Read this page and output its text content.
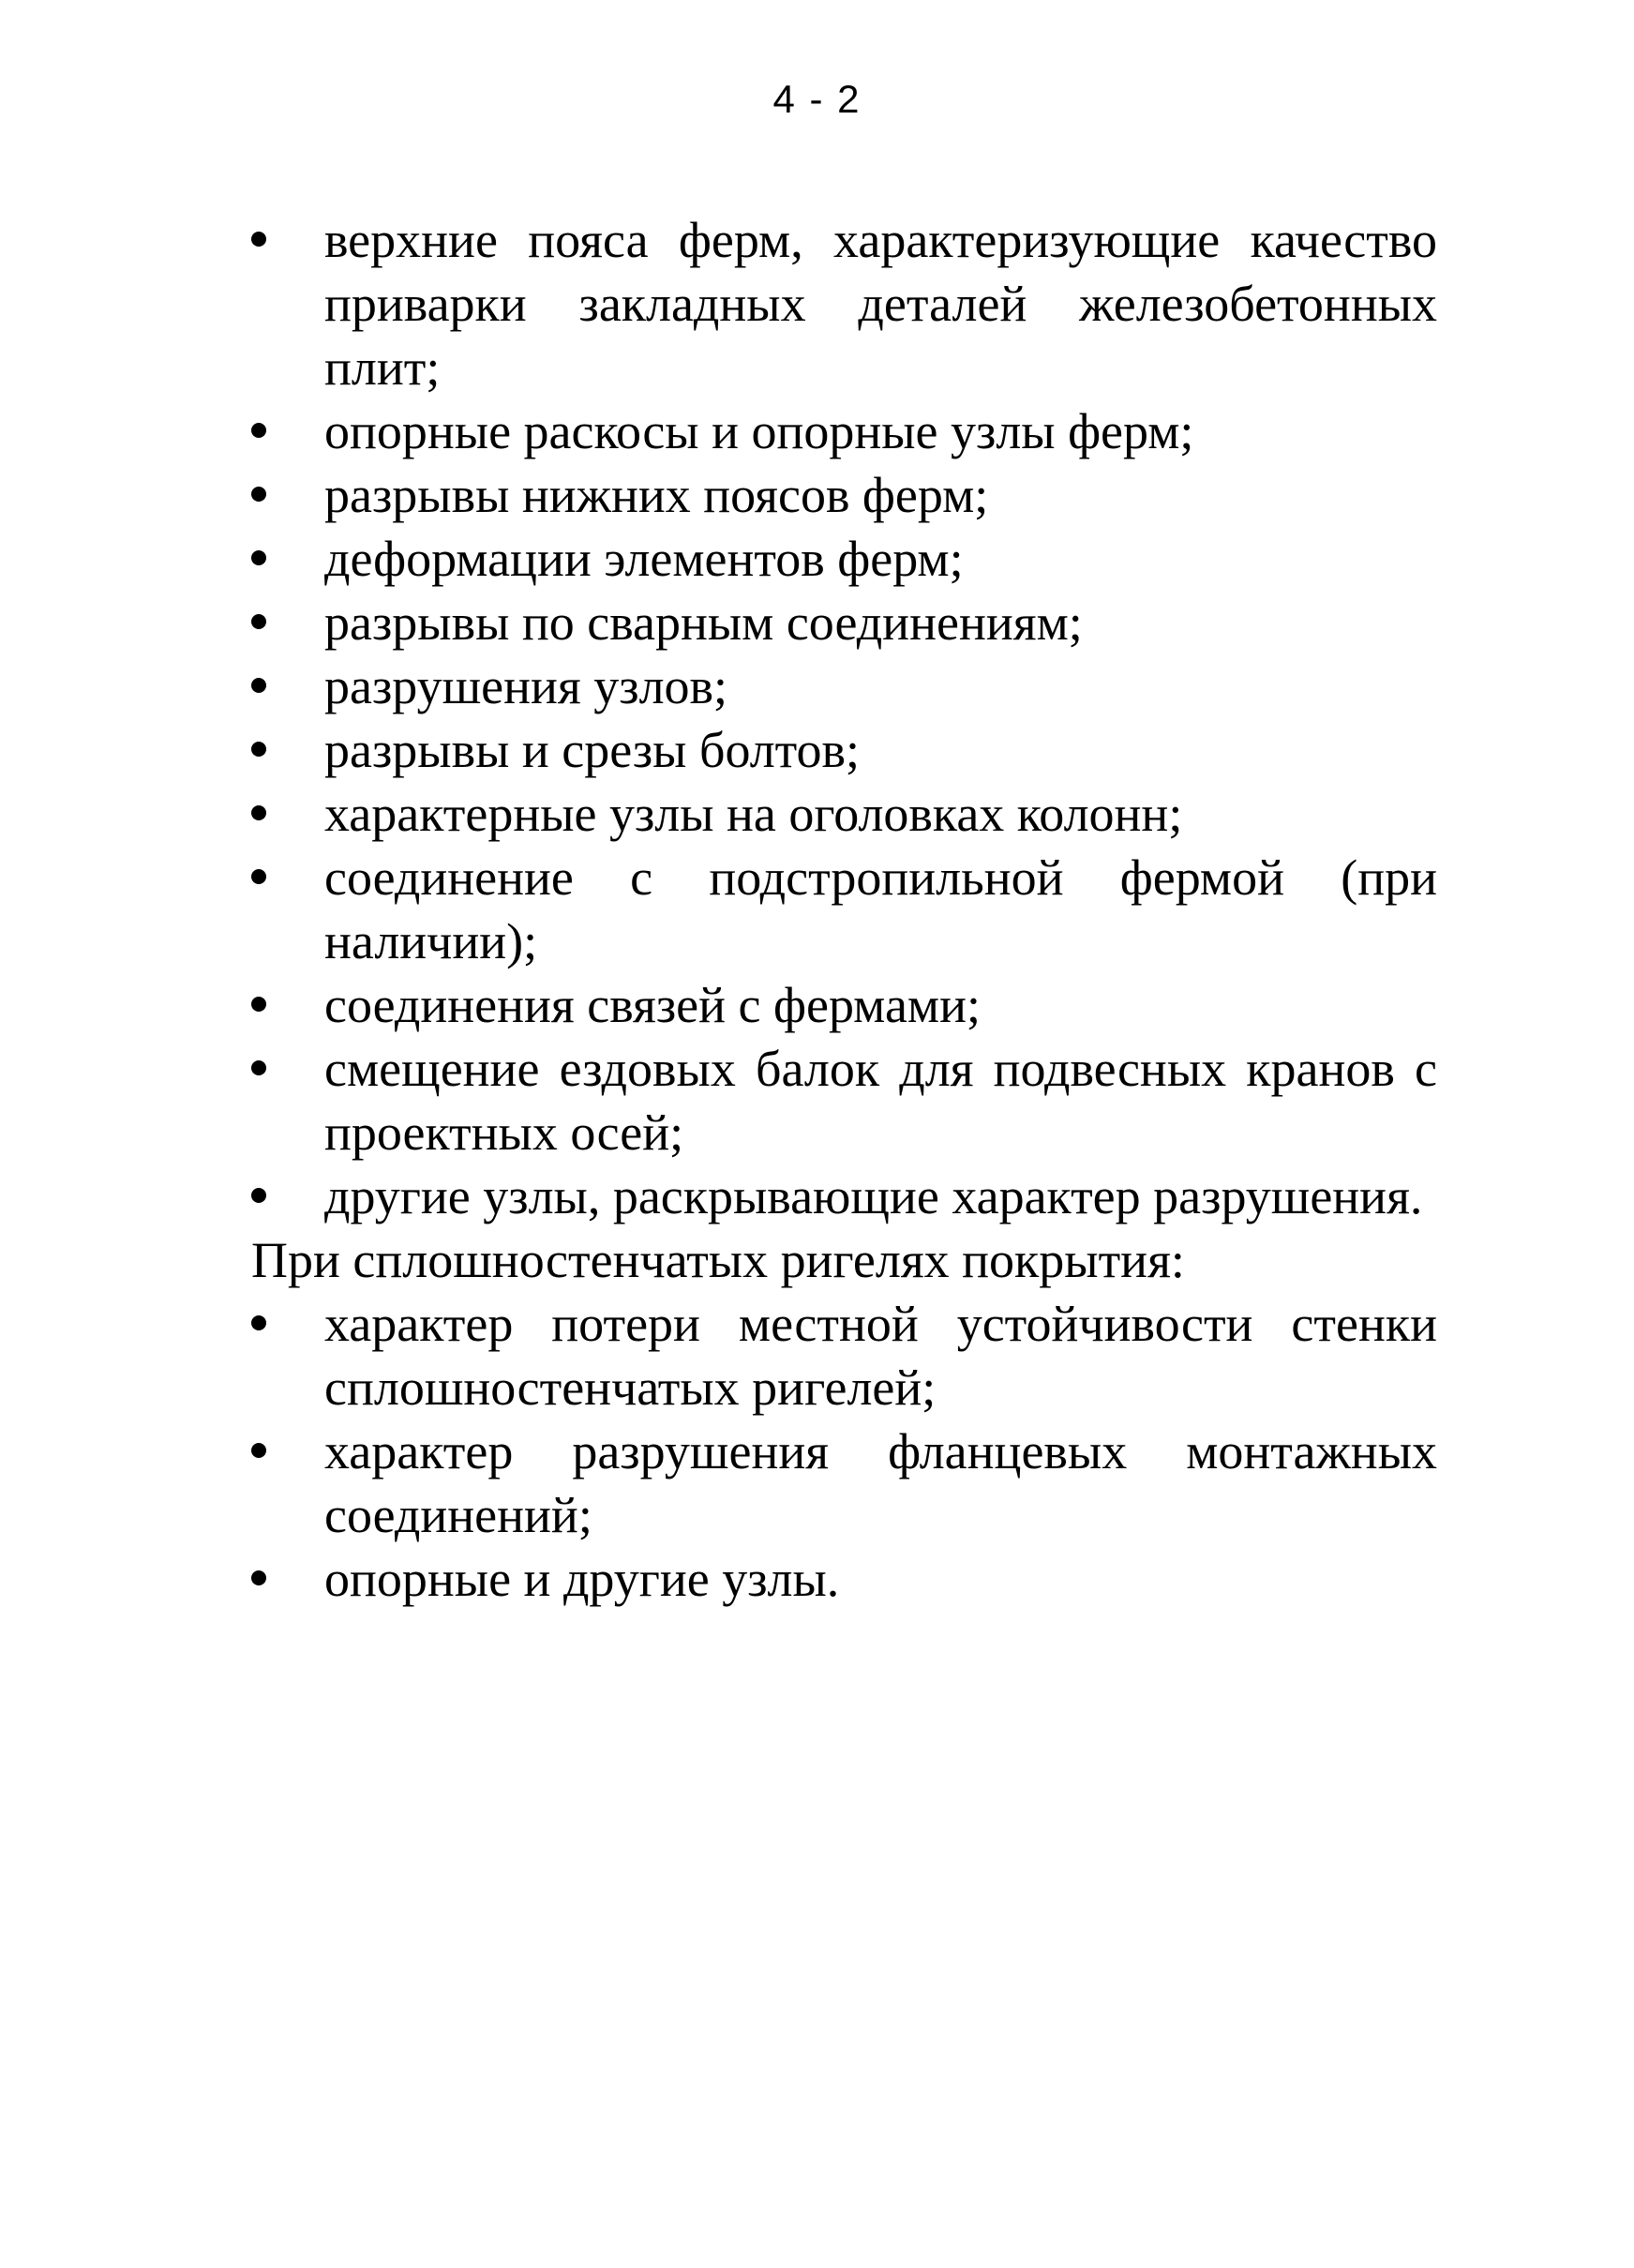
4 - 2
верхние пояса ферм, характеризующие качество приварки закладных деталей железобетонных плит;
опорные раскосы и опорные узлы ферм;
разрывы нижних поясов ферм;
деформации элементов ферм;
разрывы по сварным соединениям;
разрушения узлов;
разрывы и срезы болтов;
характерные узлы на оголовках колонн;
соединение с подстропильной фермой (при наличии);
соединения связей с фермами;
смещение ездовых балок для подвесных кранов с проектных осей;
другие узлы, раскрывающие характер разрушения.

При сплошностенчатых ригелях покрытия:

характер потери местной устойчивости стенки сплошностенчатых ригелей;
характер разрушения фланцевых монтажных соединений;
опорные и другие узлы.
